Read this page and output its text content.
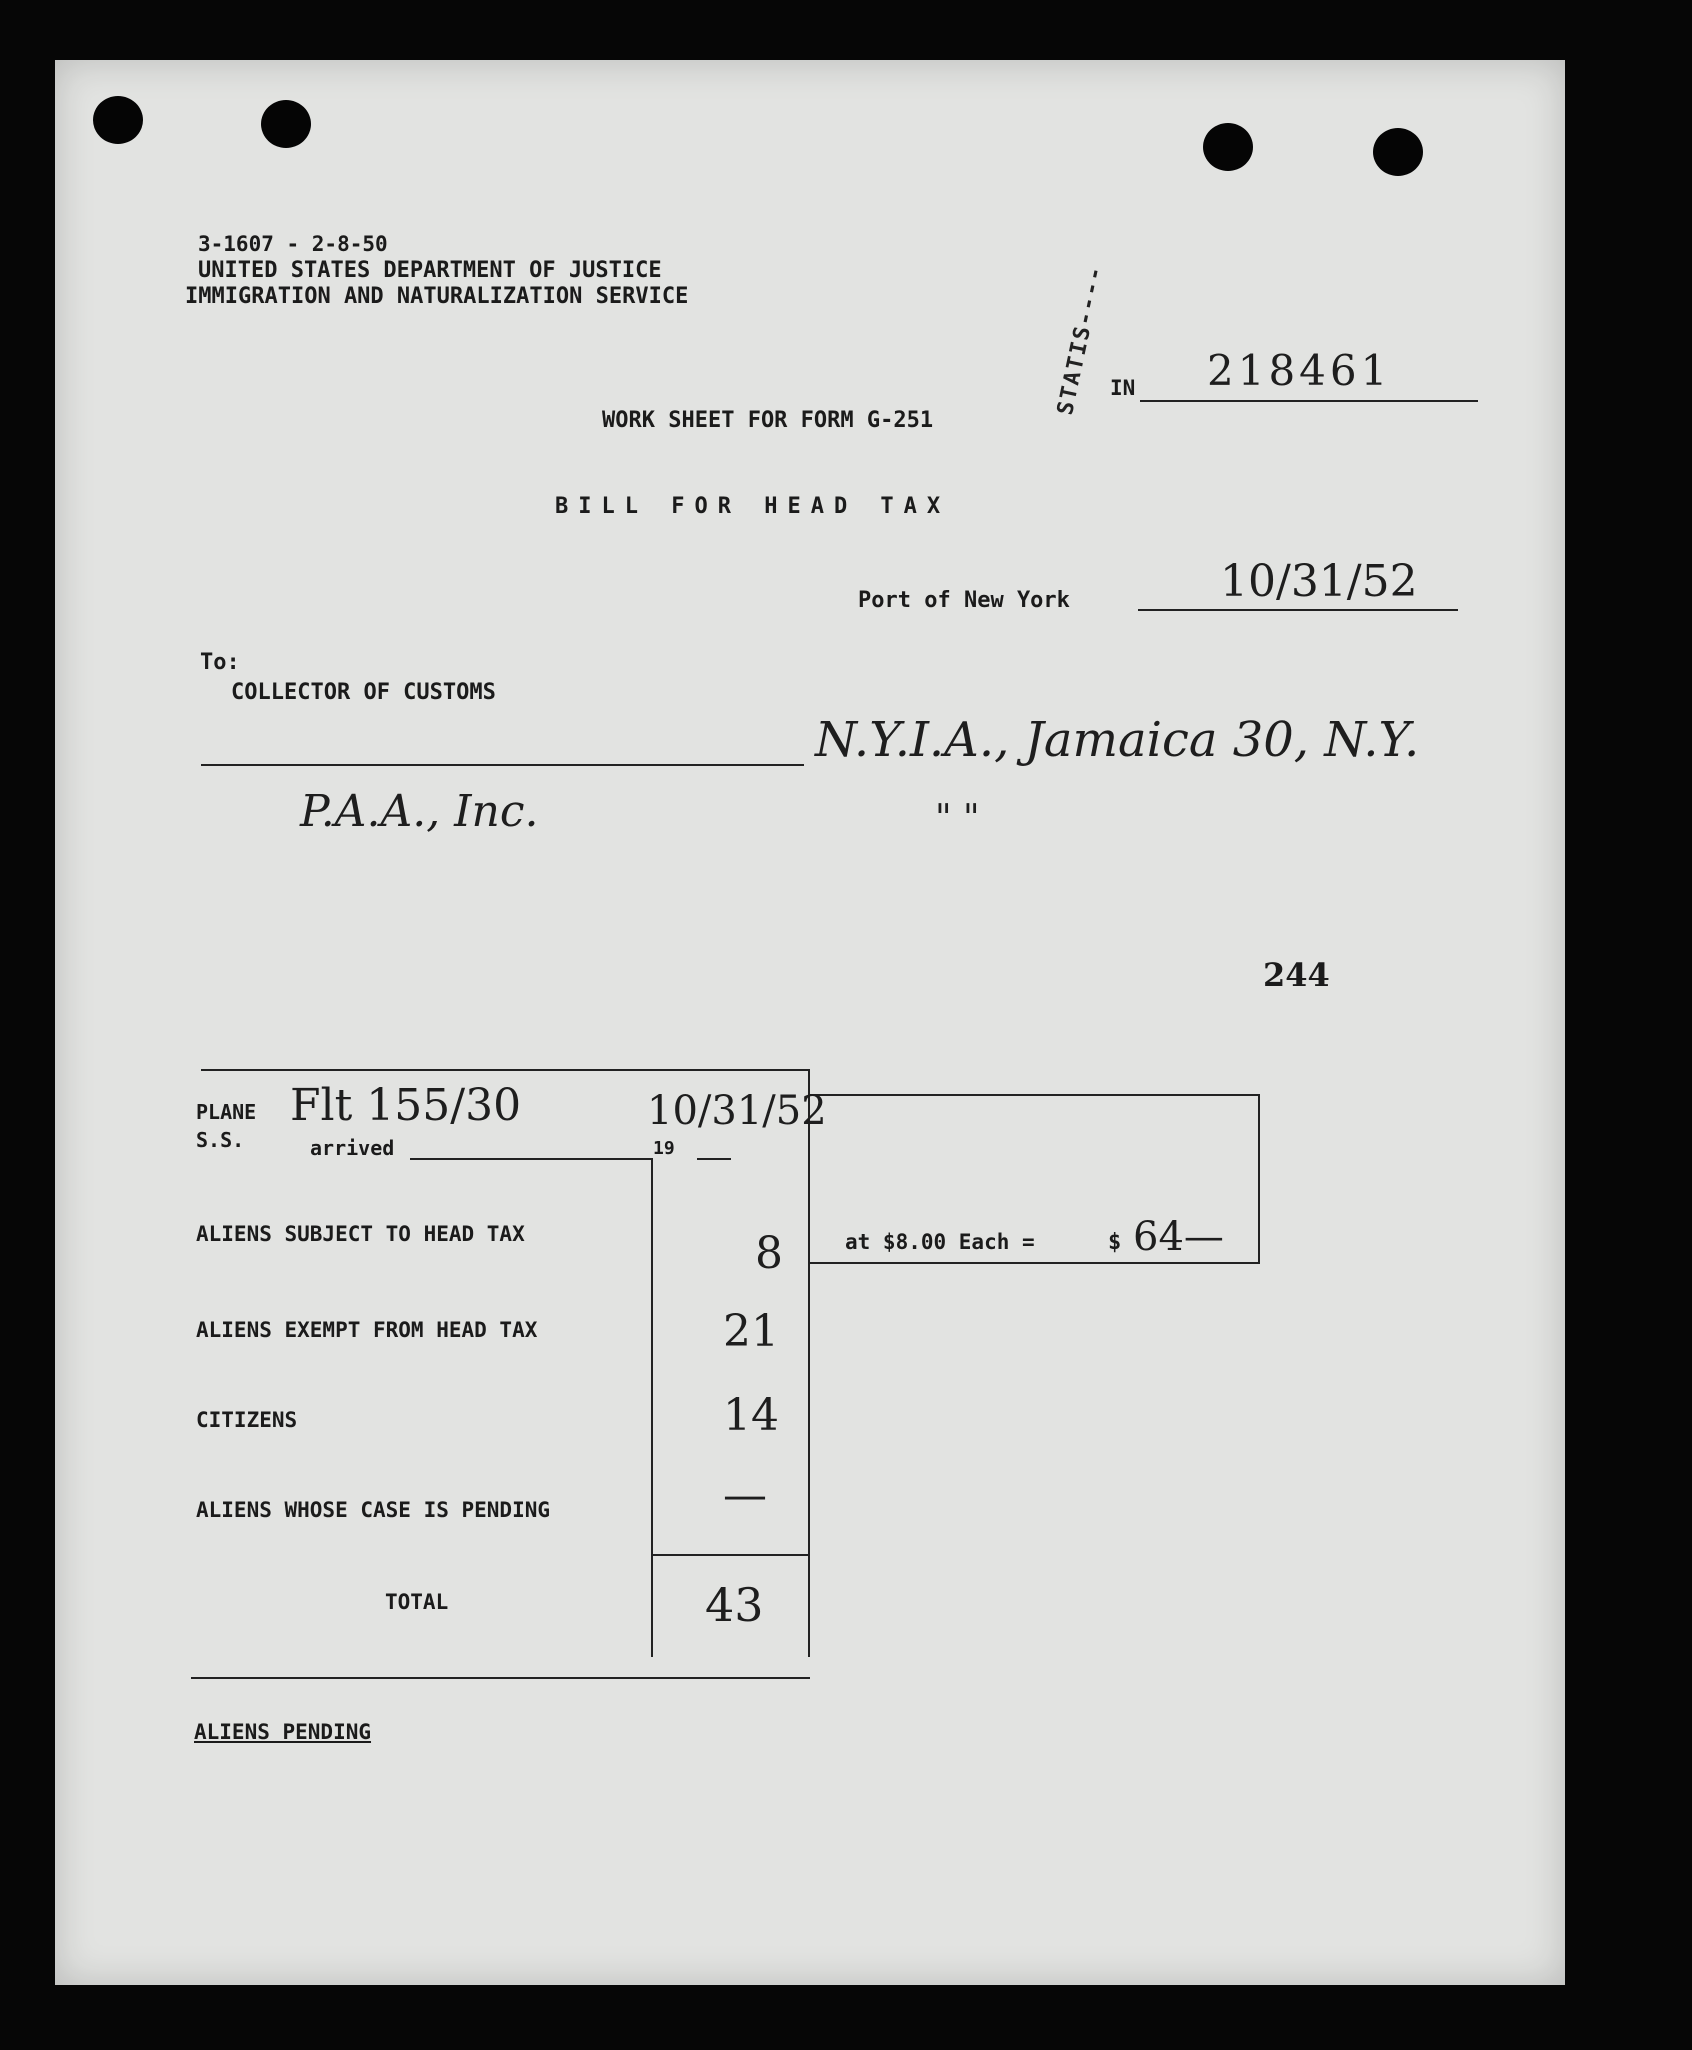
3-1607 - 2-8-50
UNITED STATES DEPARTMENT OF JUSTICE
IMMIGRATION AND NATURALIZATION SERVICE	STATIS---- IN 218461
WORK SHEET FOR FORM G-251
BILL FOR HEAD TAX
Port of New York	10/31/52
To:
COLLECTOR OF CUSTOMS
N.Y.I.A., Jamaica 30, N.Y.
P.A.A., Inc.	" "
244
PLANE
S.S.	arrived	19
Flt 155/30	10/31/52
ALIENS SUBJECT TO HEAD TAX	8
ALIENS EXEMPT FROM HEAD TAX	21
CITIZENS	14
ALIENS WHOSE CASE IS PENDING	—
TOTAL	43
at $8.00 Each =	$ 64—
ALIENS PENDING
